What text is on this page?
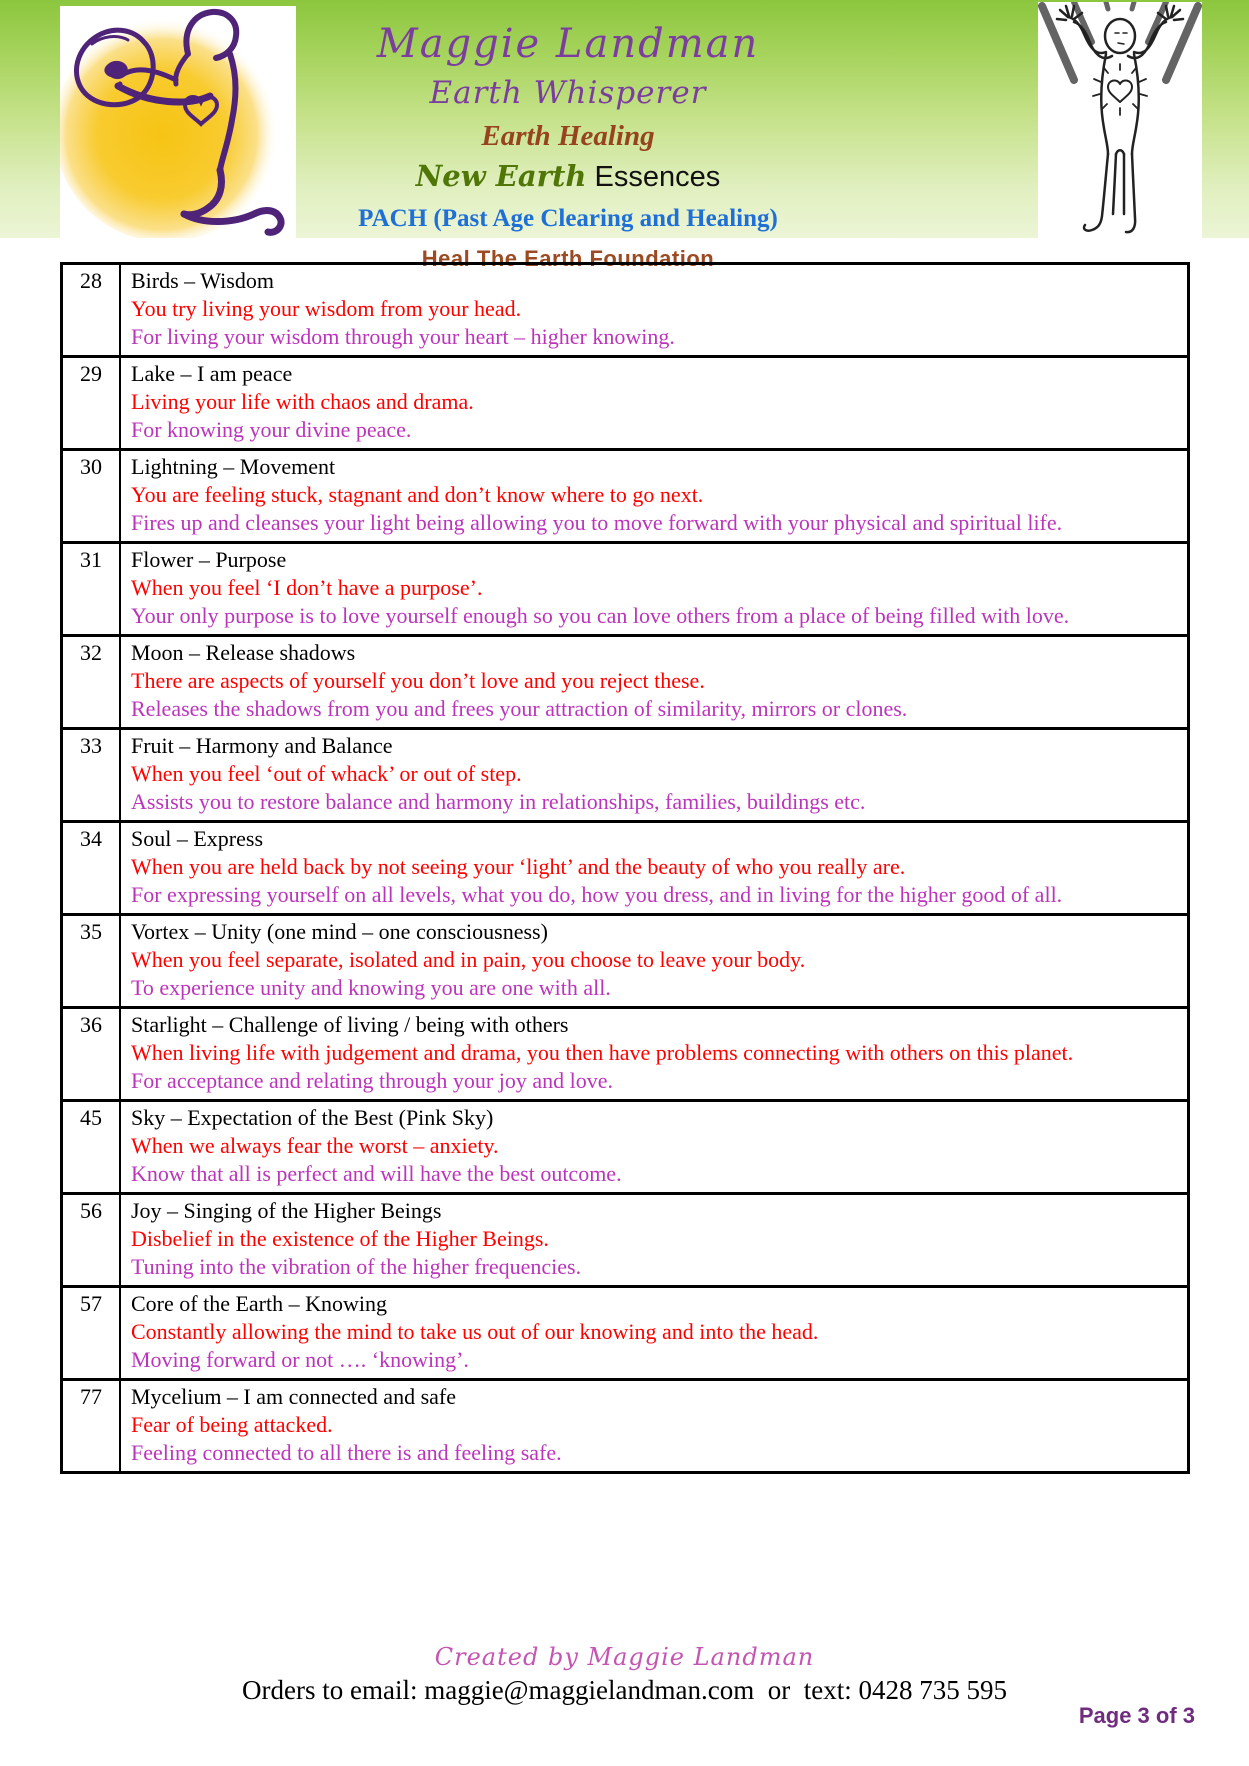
Maggie Landman
Earth Whisperer
Earth Healing
New Earth Essences
PACH (Past Age Clearing and Healing)
Heal The Earth Foundation
28	Birds – Wisdom
You try living your wisdom from your head.
For living your wisdom through your heart – higher knowing.
29	Lake – I am peace
Living your life with chaos and drama.
For knowing your divine peace.
30	Lightning – Movement
You are feeling stuck, stagnant and don’t know where to go next.
Fires up and cleanses your light being allowing you to move forward with your physical and spiritual life.
31	Flower – Purpose
When you feel ‘I don’t have a purpose’.
Your only purpose is to love yourself enough so you can love others from a place of being filled with love.
32	Moon – Release shadows
There are aspects of yourself you don’t love and you reject these.
Releases the shadows from you and frees your attraction of similarity, mirrors or clones.
33	Fruit – Harmony and Balance
When you feel ‘out of whack’ or out of step.
Assists you to restore balance and harmony in relationships, families, buildings etc.
34	Soul – Express
When you are held back by not seeing your ‘light’ and the beauty of who you really are.
For expressing yourself on all levels, what you do, how you dress, and in living for the higher good of all.
35	Vortex – Unity (one mind – one consciousness)
When you feel separate, isolated and in pain, you choose to leave your body.
To experience unity and knowing you are one with all.
36	Starlight – Challenge of living / being with others
When living life with judgement and drama, you then have problems connecting with others on this planet.
For acceptance and relating through your joy and love.
45	Sky – Expectation of the Best (Pink Sky)
When we always fear the worst – anxiety.
Know that all is perfect and will have the best outcome.
56	Joy – Singing of the Higher Beings
Disbelief in the existence of the Higher Beings.
Tuning into the vibration of the higher frequencies.
57	Core of the Earth – Knowing
Constantly allowing the mind to take us out of our knowing and into the head.
Moving forward or not …. ‘knowing’.
77	Mycelium – I am connected and safe
Fear of being attacked.
Feeling connected to all there is and feeling safe.
Created by Maggie Landman
Orders to email: maggie@maggielandman.com  or  text: 0428 735 595
Page 3 of 3
